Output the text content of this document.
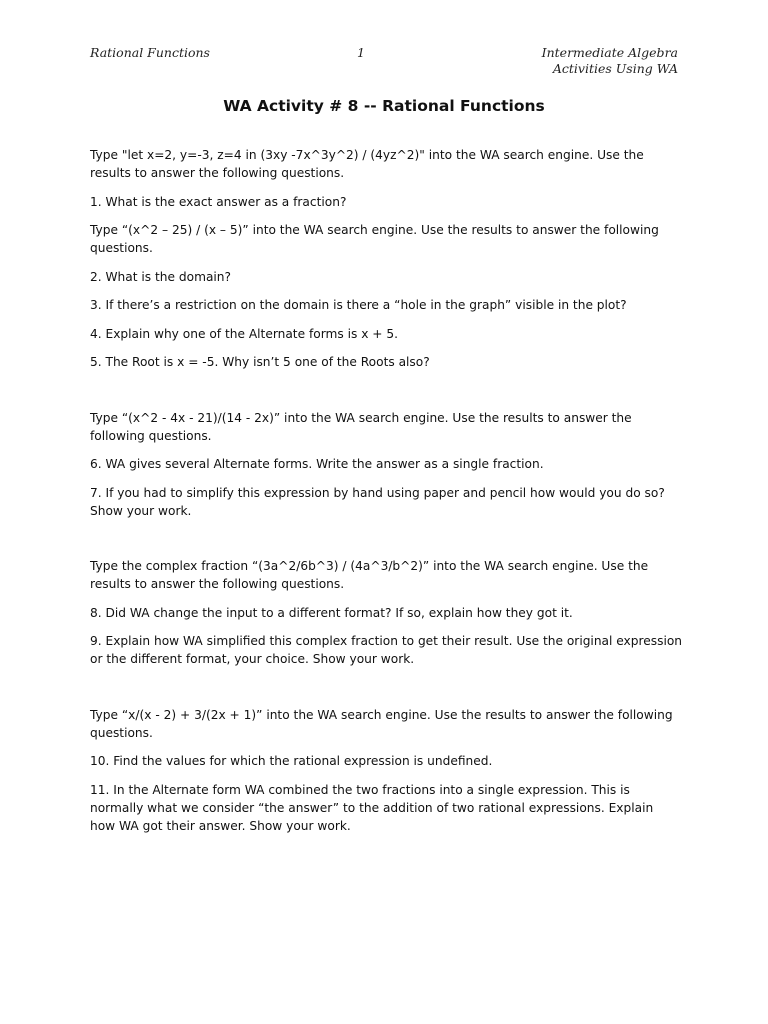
Rational Functions	1	Intermediate Algebra
Activities Using WA
WA Activity # 8 -- Rational Functions

Type "let x=2, y=-3, z=4 in (3xy -7x^3y^2) / (4yz^2)" into the WA search engine. Use the results to answer the following questions.

1. What is the exact answer as a fraction?

Type “(x^2 – 25) / (x – 5)” into the WA search engine. Use the results to answer the following questions.

2. What is the domain?

3. If there’s a restriction on the domain is there a “hole in the graph” visible in the plot?

4. Explain why one of the Alternate forms is x + 5.

5. The Root is x = -5. Why isn’t 5 one of the Roots also?

Type “(x^2 - 4x - 21)/(14 - 2x)” into the WA search engine. Use the results to answer the following questions.

6. WA gives several Alternate forms. Write the answer as a single fraction.

7. If you had to simplify this expression by hand using paper and pencil how would you do so? Show your work.

Type the complex fraction “(3a^2/6b^3) / (4a^3/b^2)” into the WA search engine. Use the results to answer the following questions.

8. Did WA change the input to a different format? If so, explain how they got it.

9. Explain how WA simplified this complex fraction to get their result. Use the original expression or the different format, your choice. Show your work.

Type “x/(x - 2) + 3/(2x + 1)” into the WA search engine. Use the results to answer the following questions.

10. Find the values for which the rational expression is undefined.

11. In the Alternate form WA combined the two fractions into a single expression. This is normally what we consider “the answer” to the addition of two rational expressions. Explain how WA got their answer. Show your work.
